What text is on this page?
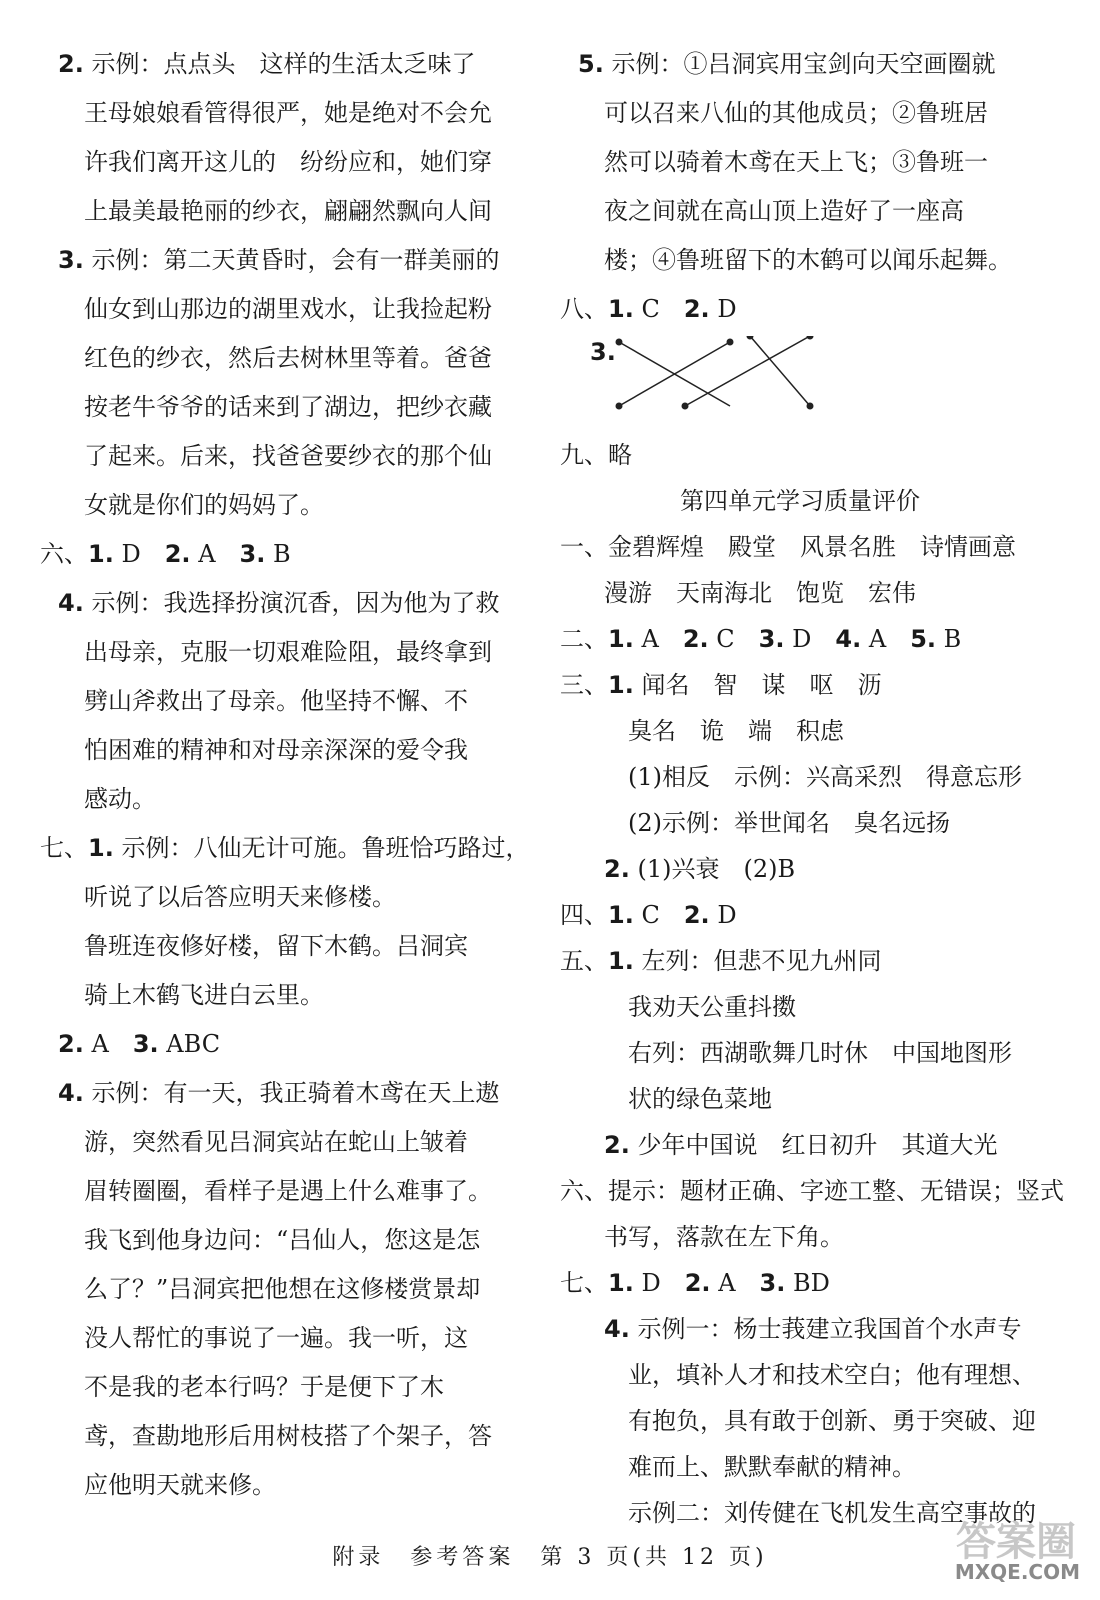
2. 示例：点点头　这样的生活太乏味了
王母娘娘看管得很严，她是绝对不会允
许我们离开这儿的　纷纷应和，她们穿
上最美最艳丽的纱衣，翩翩然飘向人间
3. 示例：第二天黄昏时，会有一群美丽的
仙女到山那边的湖里戏水，让我捡起粉
红色的纱衣，然后去树林里等着。爸爸
按老牛爷爷的话来到了湖边，把纱衣藏
了起来。后来，找爸爸要纱衣的那个仙
女就是你们的妈妈了。
六、1. D　2. A　3. B
4. 示例：我选择扮演沉香，因为他为了救
出母亲，克服一切艰难险阻，最终拿到
劈山斧救出了母亲。他坚持不懈、不
怕困难的精神和对母亲深深的爱令我
感动。
七、1. 示例：八仙无计可施。鲁班恰巧路过，
听说了以后答应明天来修楼。
鲁班连夜修好楼，留下木鹤。吕洞宾
骑上木鹤飞进白云里。
2. A　3. ABC
4. 示例：有一天，我正骑着木鸢在天上遨
游，突然看见吕洞宾站在蛇山上皱着
眉转圈圈，看样子是遇上什么难事了。
我飞到他身边问：“吕仙人，您这是怎
么了？”吕洞宾把他想在这修楼赏景却
没人帮忙的事说了一遍。我一听，这
不是我的老本行吗？于是便下了木
鸢，查勘地形后用树枝搭了个架子，答
应他明天就来修。
5. 示例：①吕洞宾用宝剑向天空画圈就
可以召来八仙的其他成员；②鲁班居
然可以骑着木鸢在天上飞；③鲁班一
夜之间就在高山顶上造好了一座高
楼；④鲁班留下的木鹤可以闻乐起舞。
八、1. C　2. D
3.
九、略
第四单元学习质量评价
一、金碧辉煌　殿堂　风景名胜　诗情画意
漫游　天南海北　饱览　宏伟
二、1. A　2. C　3. D　4. A　5. B
三、1. 闻名　智　谋　呕　沥
臭名　诡　端　积虑
(1)相反　示例：兴高采烈　得意忘形
(2)示例：举世闻名　臭名远扬
2. (1)兴衰　(2)B
四、1. C　2. D
五、1. 左列：但悲不见九州同
我劝天公重抖擞
右列：西湖歌舞几时休　中国地图形
状的绿色菜地
2. 少年中国说　红日初升　其道大光
六、提示：题材正确、字迹工整、无错误；竖式
书写，落款在左下角。
七、1. D　2. A　3. BD
4. 示例一：杨士莪建立我国首个水声专
业，填补人才和技术空白；他有理想、
有抱负，具有敢于创新、勇于突破、迎
难而上、默默奉献的精神。
示例二：刘传健在飞机发生高空事故的
附录　参考答案　第 3 页(共 12 页)	答案圈
MXQE.COM
